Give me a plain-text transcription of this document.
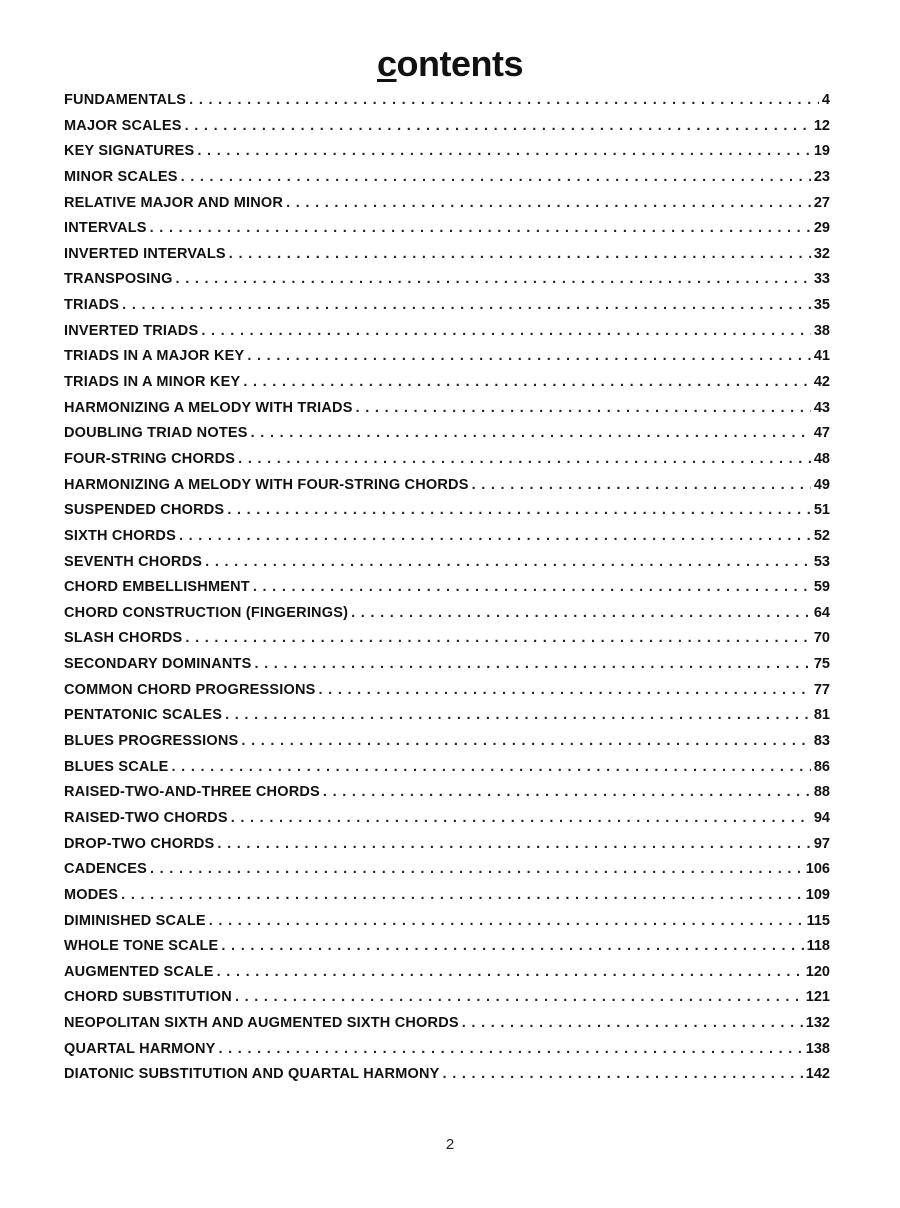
contents
FUNDAMENTALS . . .	4
MAJOR SCALES . . .	12
KEY SIGNATURES . . .	19
MINOR SCALES . . .	23
RELATIVE MAJOR AND MINOR . . .	27
INTERVALS . . .	29
INVERTED INTERVALS . . .	32
TRANSPOSING . . .	33
TRIADS . . .	35
INVERTED TRIADS . . .	38
TRIADS IN A MAJOR KEY . . .	41
TRIADS IN A MINOR KEY . . .	42
HARMONIZING A MELODY WITH TRIADS . . .	43
DOUBLING TRIAD NOTES . . .	47
FOUR-STRING CHORDS . . .	48
HARMONIZING A MELODY WITH FOUR-STRING CHORDS . . .	49
SUSPENDED CHORDS . . .	51
SIXTH CHORDS . . .	52
SEVENTH CHORDS . . .	53
CHORD EMBELLISHMENT . . .	59
CHORD CONSTRUCTION (FINGERINGS) . . .	64
SLASH CHORDS . . .	70
SECONDARY DOMINANTS . . .	75
COMMON CHORD PROGRESSIONS . . .	77
PENTATONIC SCALES . . .	81
BLUES PROGRESSIONS . . .	83
BLUES SCALE . . .	86
RAISED-TWO-AND-THREE CHORDS . . .	88
RAISED-TWO CHORDS . . .	94
DROP-TWO CHORDS . . .	97
CADENCES . . .	106
MODES . . .	109
DIMINISHED SCALE . . .	115
WHOLE TONE SCALE . . .	118
AUGMENTED SCALE . . .	120
CHORD SUBSTITUTION . . .	121
NEOPOLITAN SIXTH AND AUGMENTED SIXTH CHORDS . . .	132
QUARTAL HARMONY . . .	138
DIATONIC SUBSTITUTION AND QUARTAL HARMONY . . .	142
2
